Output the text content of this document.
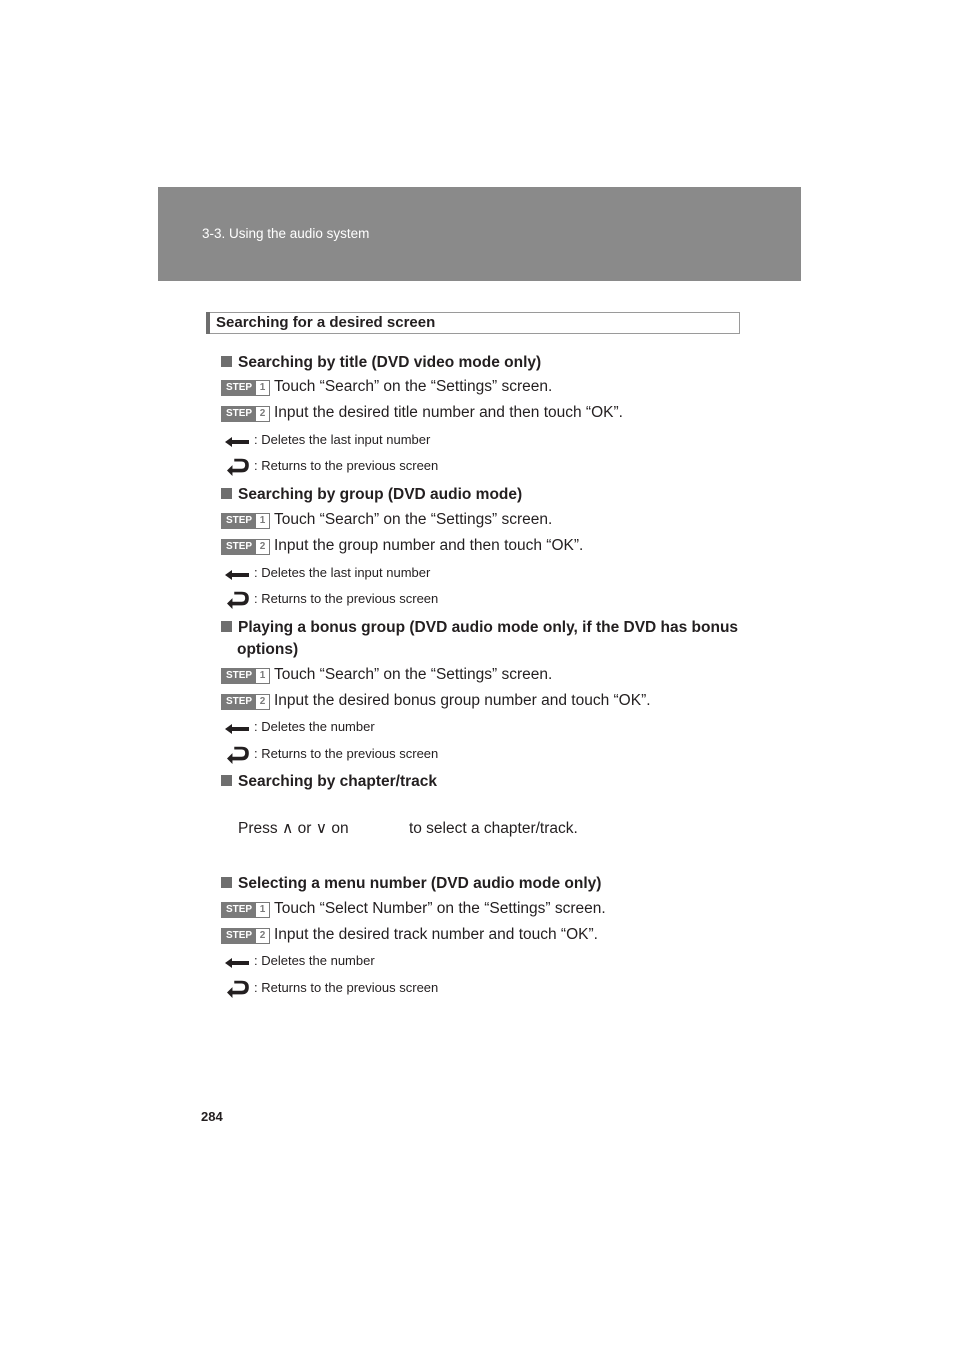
3-3. Using the audio system
Searching for a desired screen
Searching by title (DVD video mode only)
STEP 1 Touch “Search” on the “Settings” screen.
STEP 2 Input the desired title number and then touch “OK”.
: Deletes the last input number
: Returns to the previous screen
Searching by group (DVD audio mode)
STEP 1 Touch “Search” on the “Settings” screen.
STEP 2 Input the group number and then touch “OK”.
: Deletes the last input number
: Returns to the previous screen
Playing a bonus group (DVD audio mode only, if the DVD has bonus
options)
STEP 1 Touch “Search” on the “Settings” screen.
STEP 2 Input the desired bonus group number and touch “OK”.
: Deletes the number
: Returns to the previous screen
Searching by chapter/track
Press ∧ or ∨ on	to select a chapter/track.
Selecting a menu number (DVD audio mode only)
STEP 1 Touch “Select Number” on the “Settings” screen.
STEP 2 Input the desired track number and touch “OK”.
: Deletes the number
: Returns to the previous screen
284
